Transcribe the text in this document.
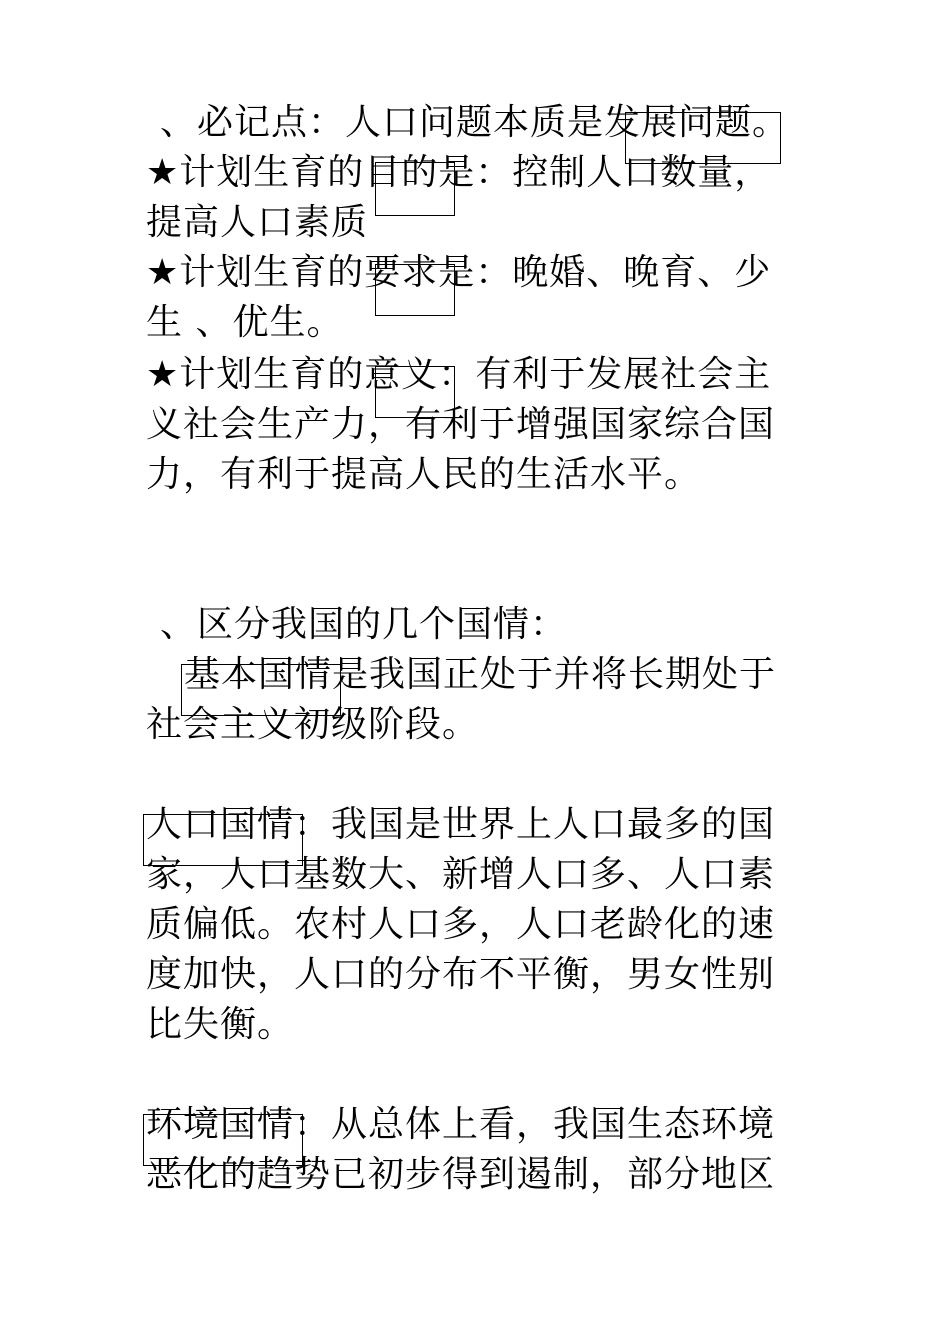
、必记点：人口问题本质是发展问题。
★计划生育的目的是：控制人口数量，
提高人口素质
★计划生育的要求是：晚婚、晚育、少
生 、优生。
★计划生育的意义：有利于发展社会主
义社会生产力，有利于增强国家综合国
力，有利于提高人民的生活水平。
、区分我国的几个国情：
基本国情是我国正处于并将长期处于
社会主义初级阶段。
人口国情：我国是世界上人口最多的国
家，人口基数大、新增人口多、人口素
质偏低。农村人口多，人口老龄化的速
度加快，人口的分布不平衡，男女性别
比失衡。
环境国情：从总体上看，我国生态环境
恶化的趋势已初步得到遏制，部分地区
